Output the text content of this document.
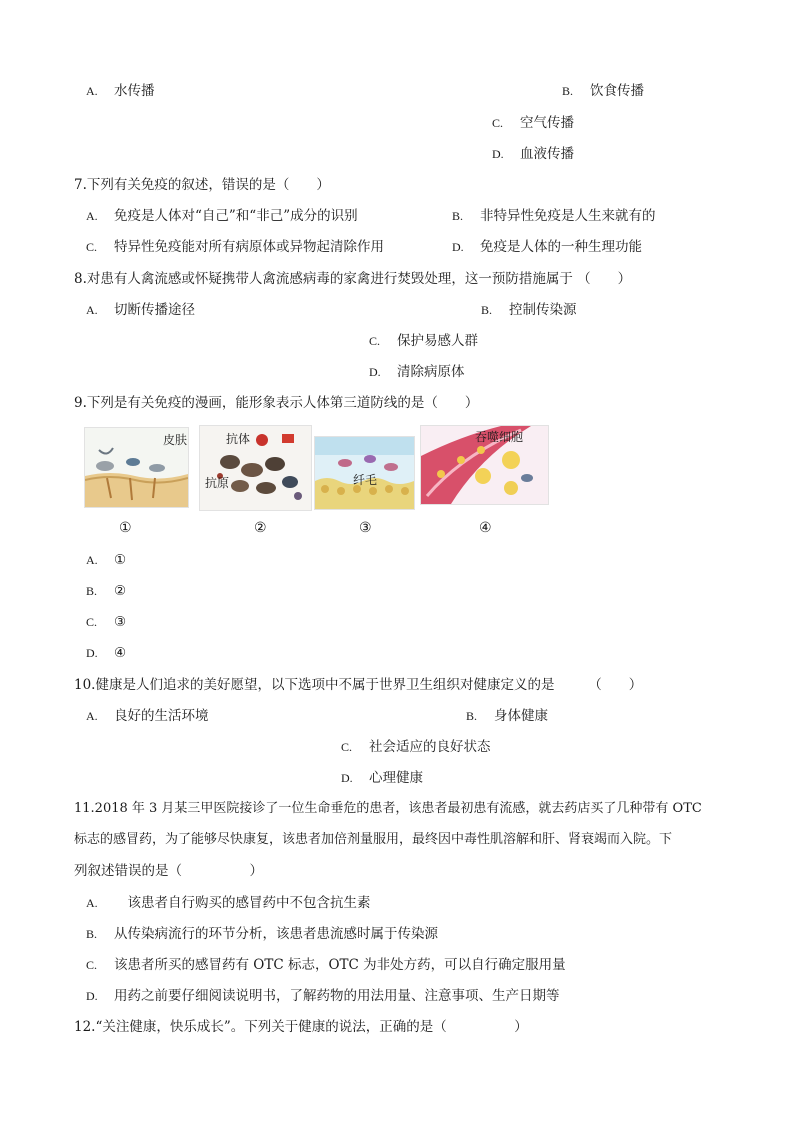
A. 水传播	B. 饮食传播
C. 空气传播
D. 血液传播
7.下列有关免疫的叙述，错误的是（　　）
A. 免疫是人体对“自己”和“非己”成分的识别	B. 非特异性免疫是人生来就有的
C. 特异性免疫能对所有病原体或异物起清除作用	D. 免疫是人体的一种生理功能
8.对患有人禽流感或怀疑携带人禽流感病毒的家禽进行焚毁处理，这一预防措施属于 （　　）
A. 切断传播途径	B. 控制传染源
C. 保护易感人群
D. 清除病原体
9.下列是有关免疫的漫画，能形象表示人体第三道防线的是（　　）
皮肤	抗体
抗原	纤毛
吞噬细胞
①	②	③	④
A. ①
B. ②
C. ③
D. ④
10.健康是人们追求的美好愿望，以下选项中不属于世界卫生组织对健康定义的是　　　（　　）
A. 良好的生活环境	B. 身体健康
C. 社会适应的良好状态
D. 心理健康
11.2018 年 3 月某三甲医院接诊了一位生命垂危的患者，该患者最初患有流感，就去药店买了几种带有 OTC
标志的感冒药，为了能够尽快康复，该患者加倍剂量服用，最终因中毒性肌溶解和肝、肾衰竭而入院。下
列叙述错误的是（　　　　　）
A.　该患者自行购买的感冒药中不包含抗生素
B. 从传染病流行的环节分析，该患者患流感时属于传染源
C. 该患者所买的感冒药有 OTC 标志，OTC 为非处方药，可以自行确定服用量
D. 用药之前要仔细阅读说明书，了解药物的用法用量、注意事项、生产日期等
12.“关注健康，快乐成长”。下列关于健康的说法，正确的是（　　　　　）
